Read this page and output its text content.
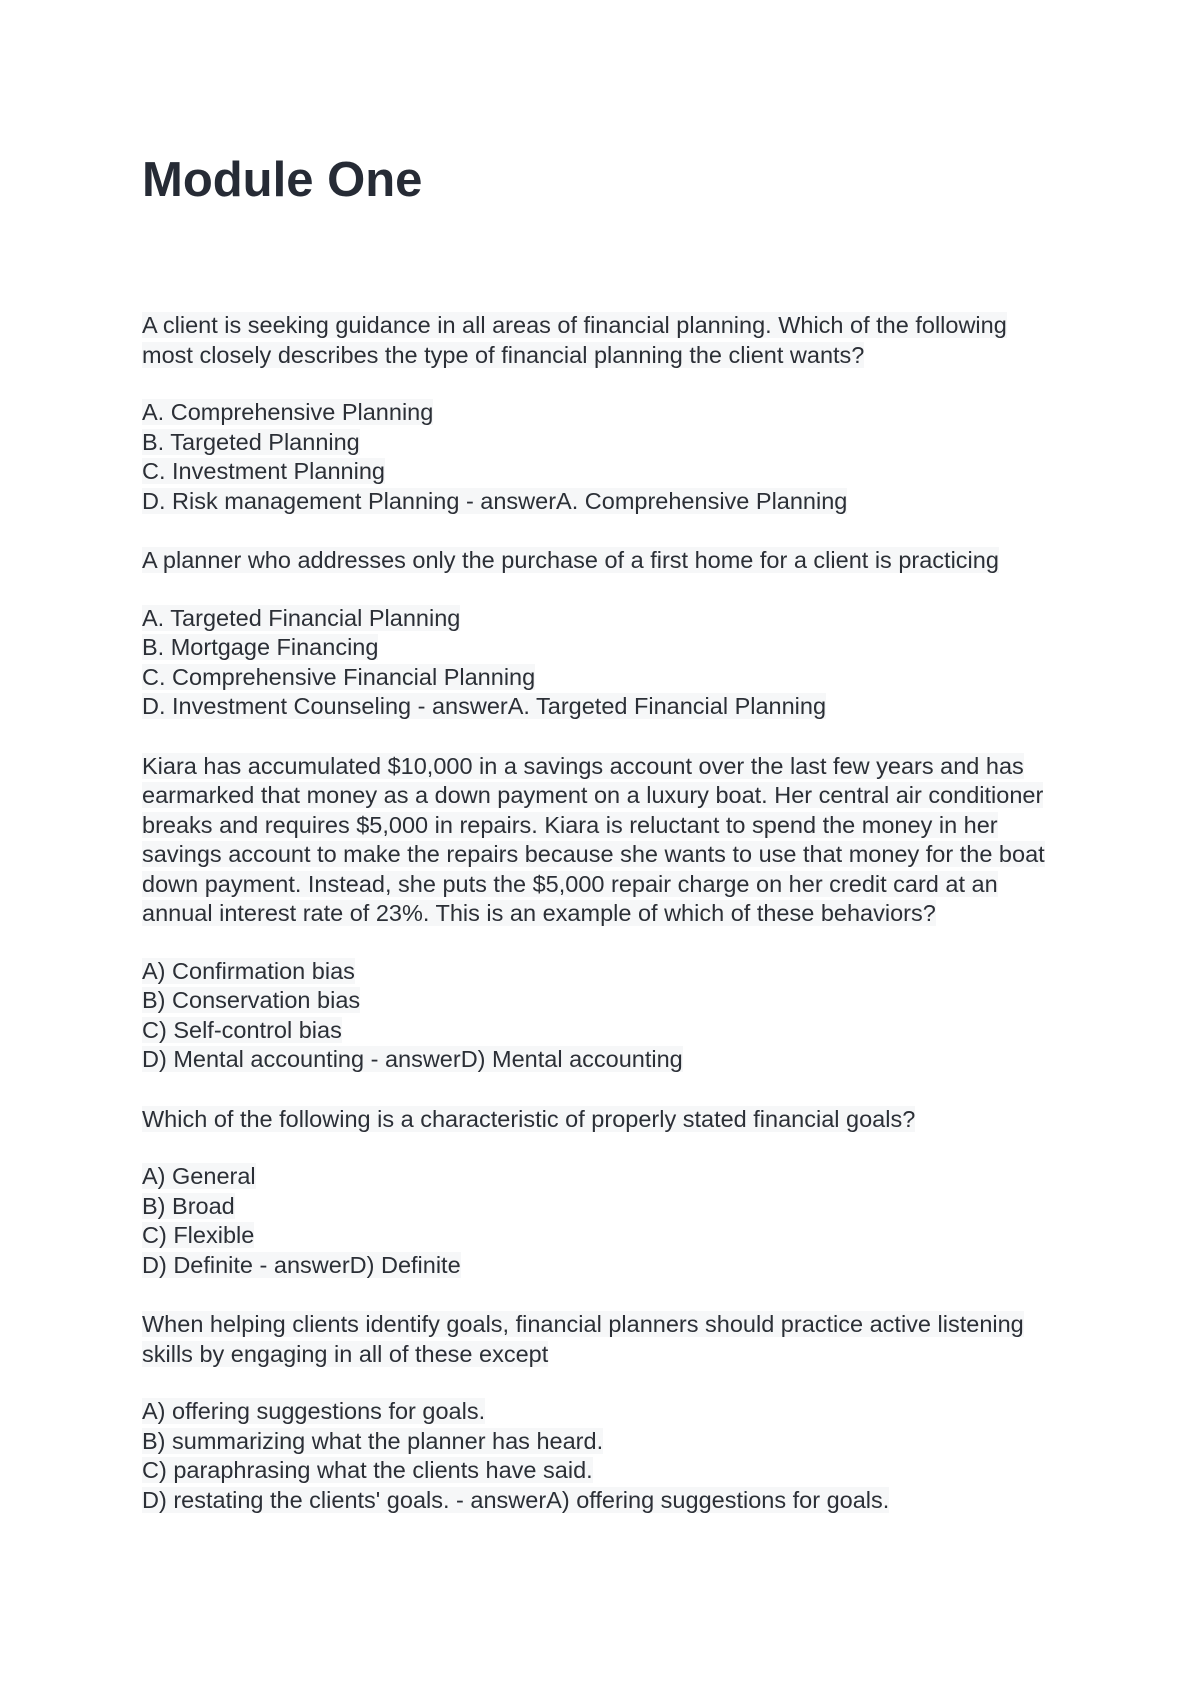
Module One

A client is seeking guidance in all areas of financial planning. Which of the following most closely describes the type of financial planning the client wants?

A. Comprehensive Planning
B. Targeted Planning
C. Investment Planning
D. Risk management Planning - answerA. Comprehensive Planning

A planner who addresses only the purchase of a first home for a client is practicing

A. Targeted Financial Planning
B. Mortgage Financing
C. Comprehensive Financial Planning
D. Investment Counseling - answerA. Targeted Financial Planning

Kiara has accumulated $10,000 in a savings account over the last few years and has earmarked that money as a down payment on a luxury boat. Her central air conditioner breaks and requires $5,000 in repairs. Kiara is reluctant to spend the money in her savings account to make the repairs because she wants to use that money for the boat down payment. Instead, she puts the $5,000 repair charge on her credit card at an annual interest rate of 23%. This is an example of which of these behaviors?

A) Confirmation bias
B) Conservation bias
C) Self-control bias
D) Mental accounting - answerD) Mental accounting

Which of the following is a characteristic of properly stated financial goals?

A) General
B) Broad
C) Flexible
D) Definite - answerD) Definite

When helping clients identify goals, financial planners should practice active listening skills by engaging in all of these except

A) offering suggestions for goals.
B) summarizing what the planner has heard.
C) paraphrasing what the clients have said.
D) restating the clients' goals. - answerA) offering suggestions for goals.
